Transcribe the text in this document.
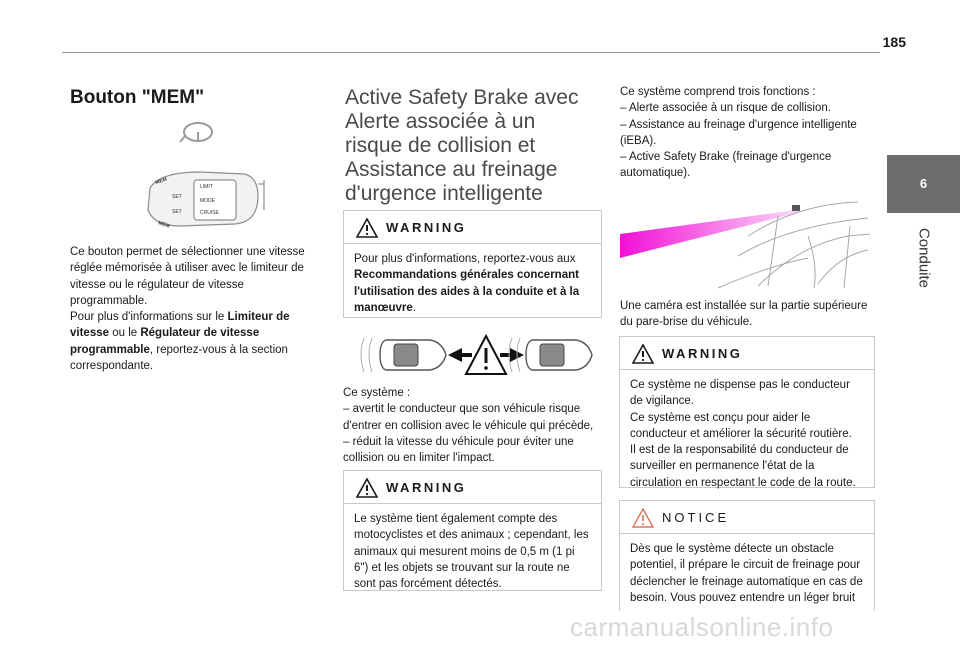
185
6
Conduite
Bouton "MEM"
MEM
SET
SET
LIMIT
MODE
CRUISE
MEM
Ce bouton permet de sélectionner une vitesse réglée mémorisée à utiliser avec le limiteur de vitesse ou le régulateur de vitesse programmable.
Pour plus d'informations sur le Limiteur de vitesse ou le Régulateur de vitesse programmable, reportez-vous à la section correspondante.
Active Safety Brake avec Alerte associée à un risque de collision et Assistance au freinage d'urgence intelligente
WARNING
Pour plus d'informations, reportez-vous aux Recommandations générales concernant l'utilisation des aides à la conduite et à la manœuvre.
Ce système :
– avertit le conducteur que son véhicule risque d'entrer en collision avec le véhicule qui précède,
– réduit la vitesse du véhicule pour éviter une collision ou en limiter l'impact.
WARNING
Le système tient également compte des motocyclistes et des animaux ; cependant, les animaux qui mesurent moins de 0,5 m (1 pi 6") et les objets se trouvant sur la route ne sont pas forcément détectés.
Ce système comprend trois fonctions :
– Alerte associée à un risque de collision.
– Assistance au freinage d'urgence intelligente (iEBA).
– Active Safety Brake (freinage d'urgence automatique).
Une caméra est installée sur la partie supérieure du pare-brise du véhicule.
WARNING
Ce système ne dispense pas le conducteur de vigilance.
Ce système est conçu pour aider le conducteur et améliorer la sécurité routière.
Il est de la responsabilité du conducteur de surveiller en permanence l'état de la circulation en respectant le code de la route.
NOTICE
Dès que le système détecte un obstacle potentiel, il prépare le circuit de freinage pour déclencher le freinage automatique en cas de besoin. Vous pouvez entendre un léger bruit
carmanualsonline.info
